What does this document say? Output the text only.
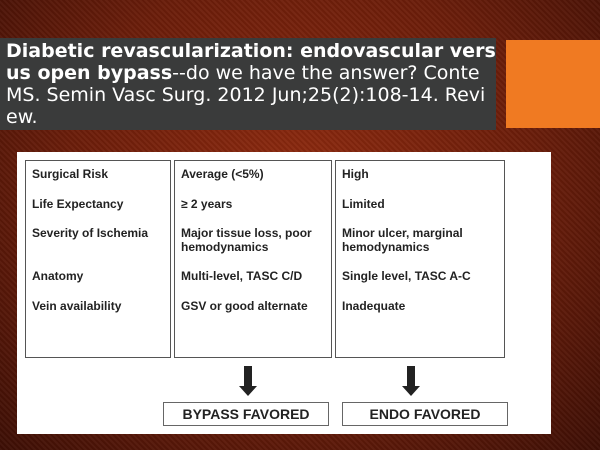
Diabetic revascularization: endovascular versus open bypass--do we have the answer? Conte MS. Semin Vasc Surg. 2012 Jun;25(2):108-14. Review.

Surgical Risk
Life Expectancy
Severity of Ischemia
Anatomy
Vein availability
Average (<5%)
≥ 2 years
Major tissue loss, poor hemodynamics
Multi-level, TASC C/D
GSV or good alternate
High
Limited
Minor ulcer, marginal hemodynamics
Single level, TASC A-C
Inadequate
BYPASS FAVORED	ENDO FAVORED
